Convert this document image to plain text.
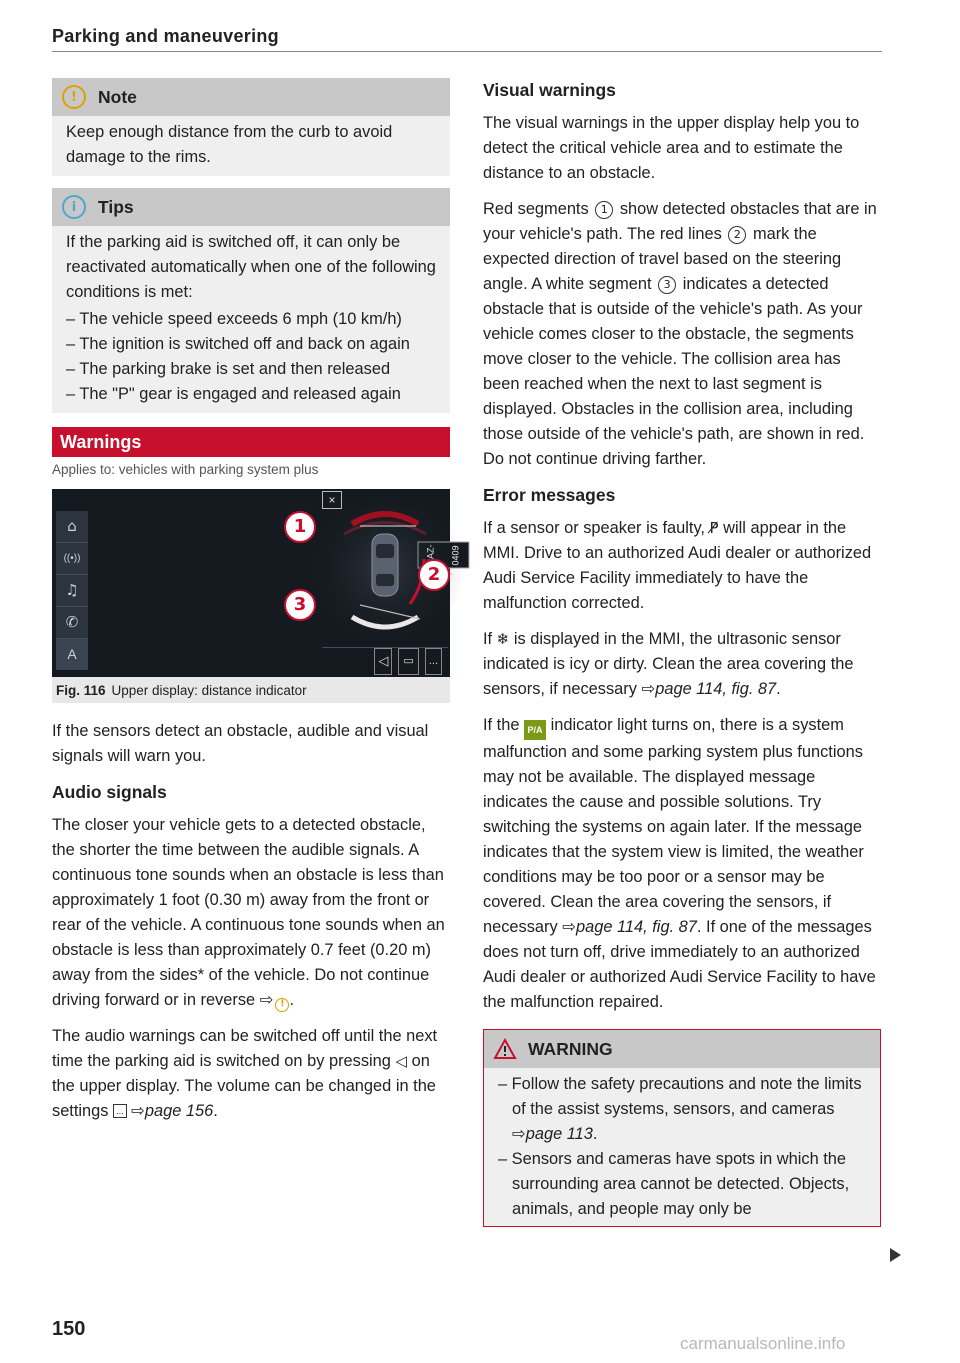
Parking and maneuvering
!	Note

Keep enough distance from the curb to avoid damage to the rims.

i	Tips

If the parking aid is switched off, it can only be reactivated automatically when one of the following conditions is met:

– The vehicle speed exceeds 6 mph (10 km/h)
– The ignition is switched off and back on again
– The parking brake is set and then released
– The "P" gear is engaged and released again
Warnings
Applies to: vehicles with parking system plus
⌂
((•))
♫
✆
A
×
1
2
3
◁	▭	...
Fig. 116 Upper display: distance indicator

If the sensors detect an obstacle, audible and visual signals will warn you.

Audio signals

The closer your vehicle gets to a detected obstacle, the shorter the time between the audible signals. A continuous tone sounds when an obstacle is less than approximately 1 foot (0.30 m) away from the front or rear of the vehicle. A continuous tone sounds when an obstacle is less than approximately 0.7 feet (0.20 m) away from the sides* of the vehicle. Do not continue driving forward or in reverse ⇨ ! .

The audio warnings can be switched off until the next time the parking aid is switched on by pressing ◁ on the upper display. The volume can be changed in the settings ... ⇨page 156.

Visual warnings

The visual warnings in the upper display help you to detect the critical vehicle area and to estimate the distance to an obstacle.

Red segments 1 show detected obstacles that are in your vehicle's path. The red lines 2 mark the expected direction of travel based on the steering angle. A white segment 3 indicates a detected obstacle that is outside of the vehicle's path. As your vehicle comes closer to the obstacle, the segments move closer to the vehicle. The collision area has been reached when the next to last segment is displayed. Obstacles in the collision area, including those outside of the vehicle's path, are shown in red. Do not continue driving farther.

Error messages

If a sensor or speaker is faulty, P̸ will appear in the MMI. Drive to an authorized Audi dealer or authorized Audi Service Facility immediately to have the malfunction corrected.

If ❄ is displayed in the MMI, the ultrasonic sensor indicated is icy or dirty. Clean the area covering the sensors, if necessary ⇨page 114, fig. 87.

If the P/A indicator light turns on, there is a system malfunction and some parking system plus functions may not be available. The displayed message indicates the cause and possible solutions. Try switching the systems on again later. If the message indicates that the system view is limited, the weather conditions may be too poor or a sensor may be covered. Clean the area covering the sensors, if necessary ⇨page 114, fig. 87. If one of the messages does not turn off, drive immediately to an authorized Audi dealer or authorized Audi Service Facility to have the malfunction repaired.

WARNING
– Follow the safety precautions and note the limits of the assist systems, sensors, and cameras ⇨page 113.
– Sensors and cameras have spots in which the surrounding area cannot be detected. Objects, animals, and people may only be
150
carmanualsonline.info
